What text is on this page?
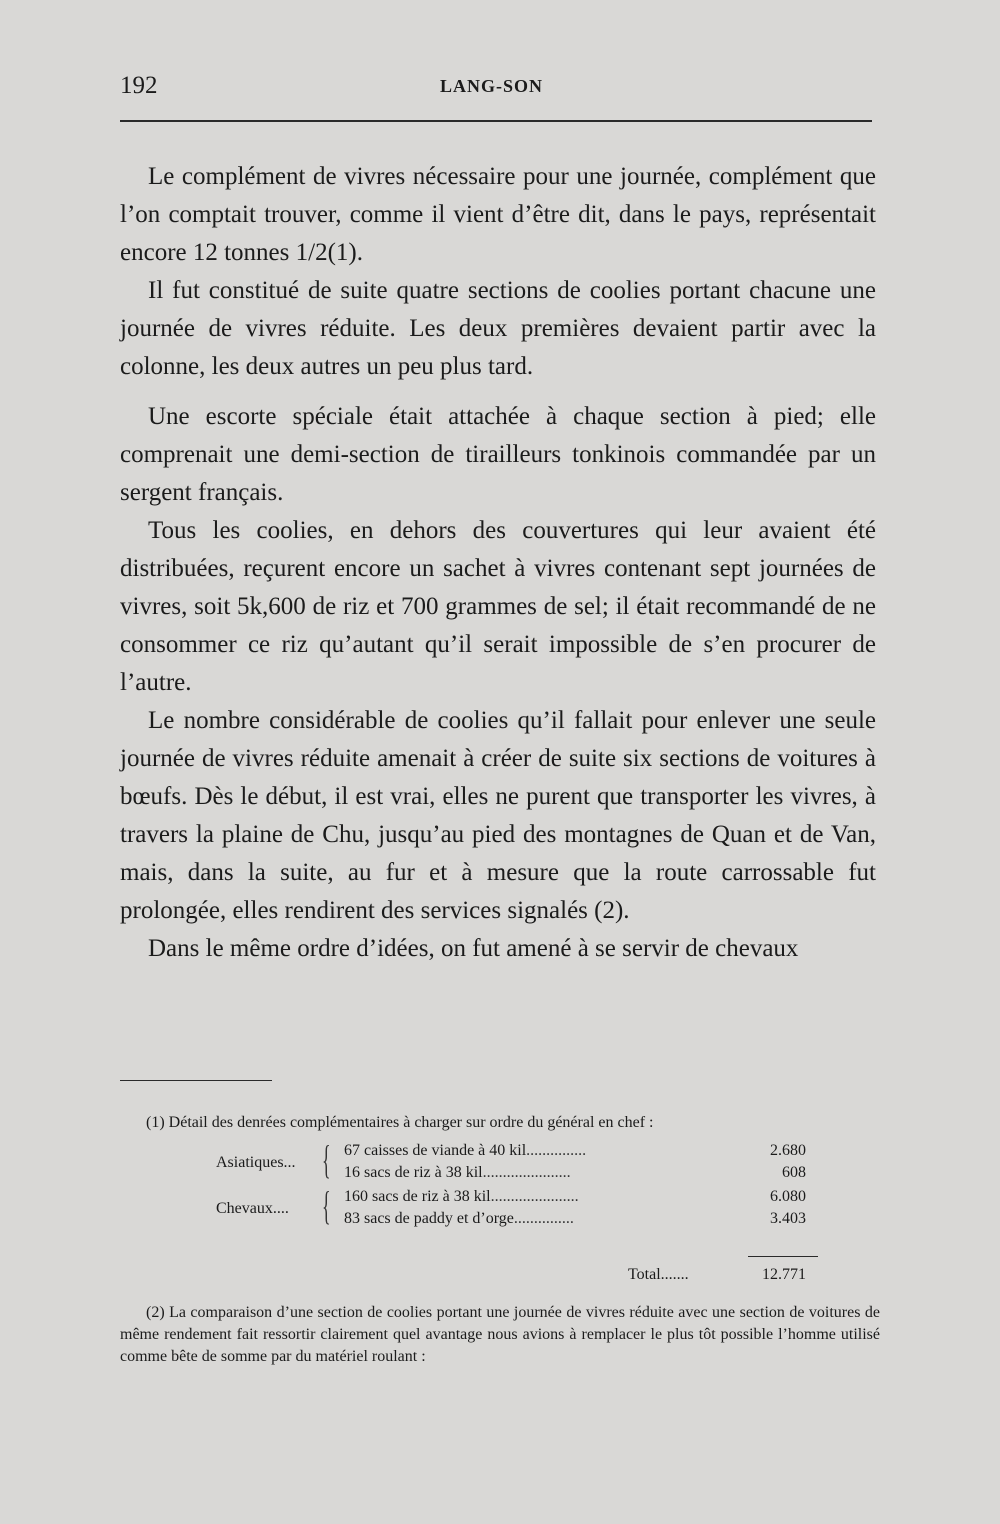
192	LANG-SON

Le complément de vivres nécessaire pour une journée, complément que l’on comptait trouver, comme il vient d’être dit, dans le pays, représentait encore 12 tonnes 1/2(1).

Il fut constitué de suite quatre sections de coolies portant chacune une journée de vivres réduite. Les deux premières devaient partir avec la colonne, les deux autres un peu plus tard.

Une escorte spéciale était attachée à chaque section à pied; elle comprenait une demi-section de tirailleurs tonkinois commandée par un sergent français.

Tous les coolies, en dehors des couvertures qui leur avaient été distribuées, reçurent encore un sachet à vivres contenant sept journées de vivres, soit 5k,600 de riz et 700 grammes de sel; il était recommandé de ne consommer ce riz qu’autant qu’il serait impossible de s’en procurer de l’autre.

Le nombre considérable de coolies qu’il fallait pour enlever une seule journée de vivres réduite amenait à créer de suite six sections de voitures à bœufs. Dès le début, il est vrai, elles ne purent que transporter les vivres, à travers la plaine de Chu, jusqu’au pied des montagnes de Quan et de Van, mais, dans la suite, au fur et à mesure que la route carrossable fut prolongée, elles rendirent des services signalés (2).

Dans le même ordre d’idées, on fut amené à se servir de chevaux

(1) Détail des denrées complémentaires à charger sur ordre du général en chef :

Asiatiques... { 67 caisses de viande à 40 kil...............	2.680
16 sacs de riz à 38 kil......................	608
Chevaux.... { 160 sacs de riz à 38 kil......................	6.080
83 sacs de paddy et d’orge...............	3.403
Total.......	12.771

(2) La comparaison d’une section de coolies portant une journée de vivres réduite avec une section de voitures de même rendement fait ressortir clairement quel avantage nous avions à remplacer le plus tôt possible l’homme utilisé comme bête de somme par du matériel roulant :
